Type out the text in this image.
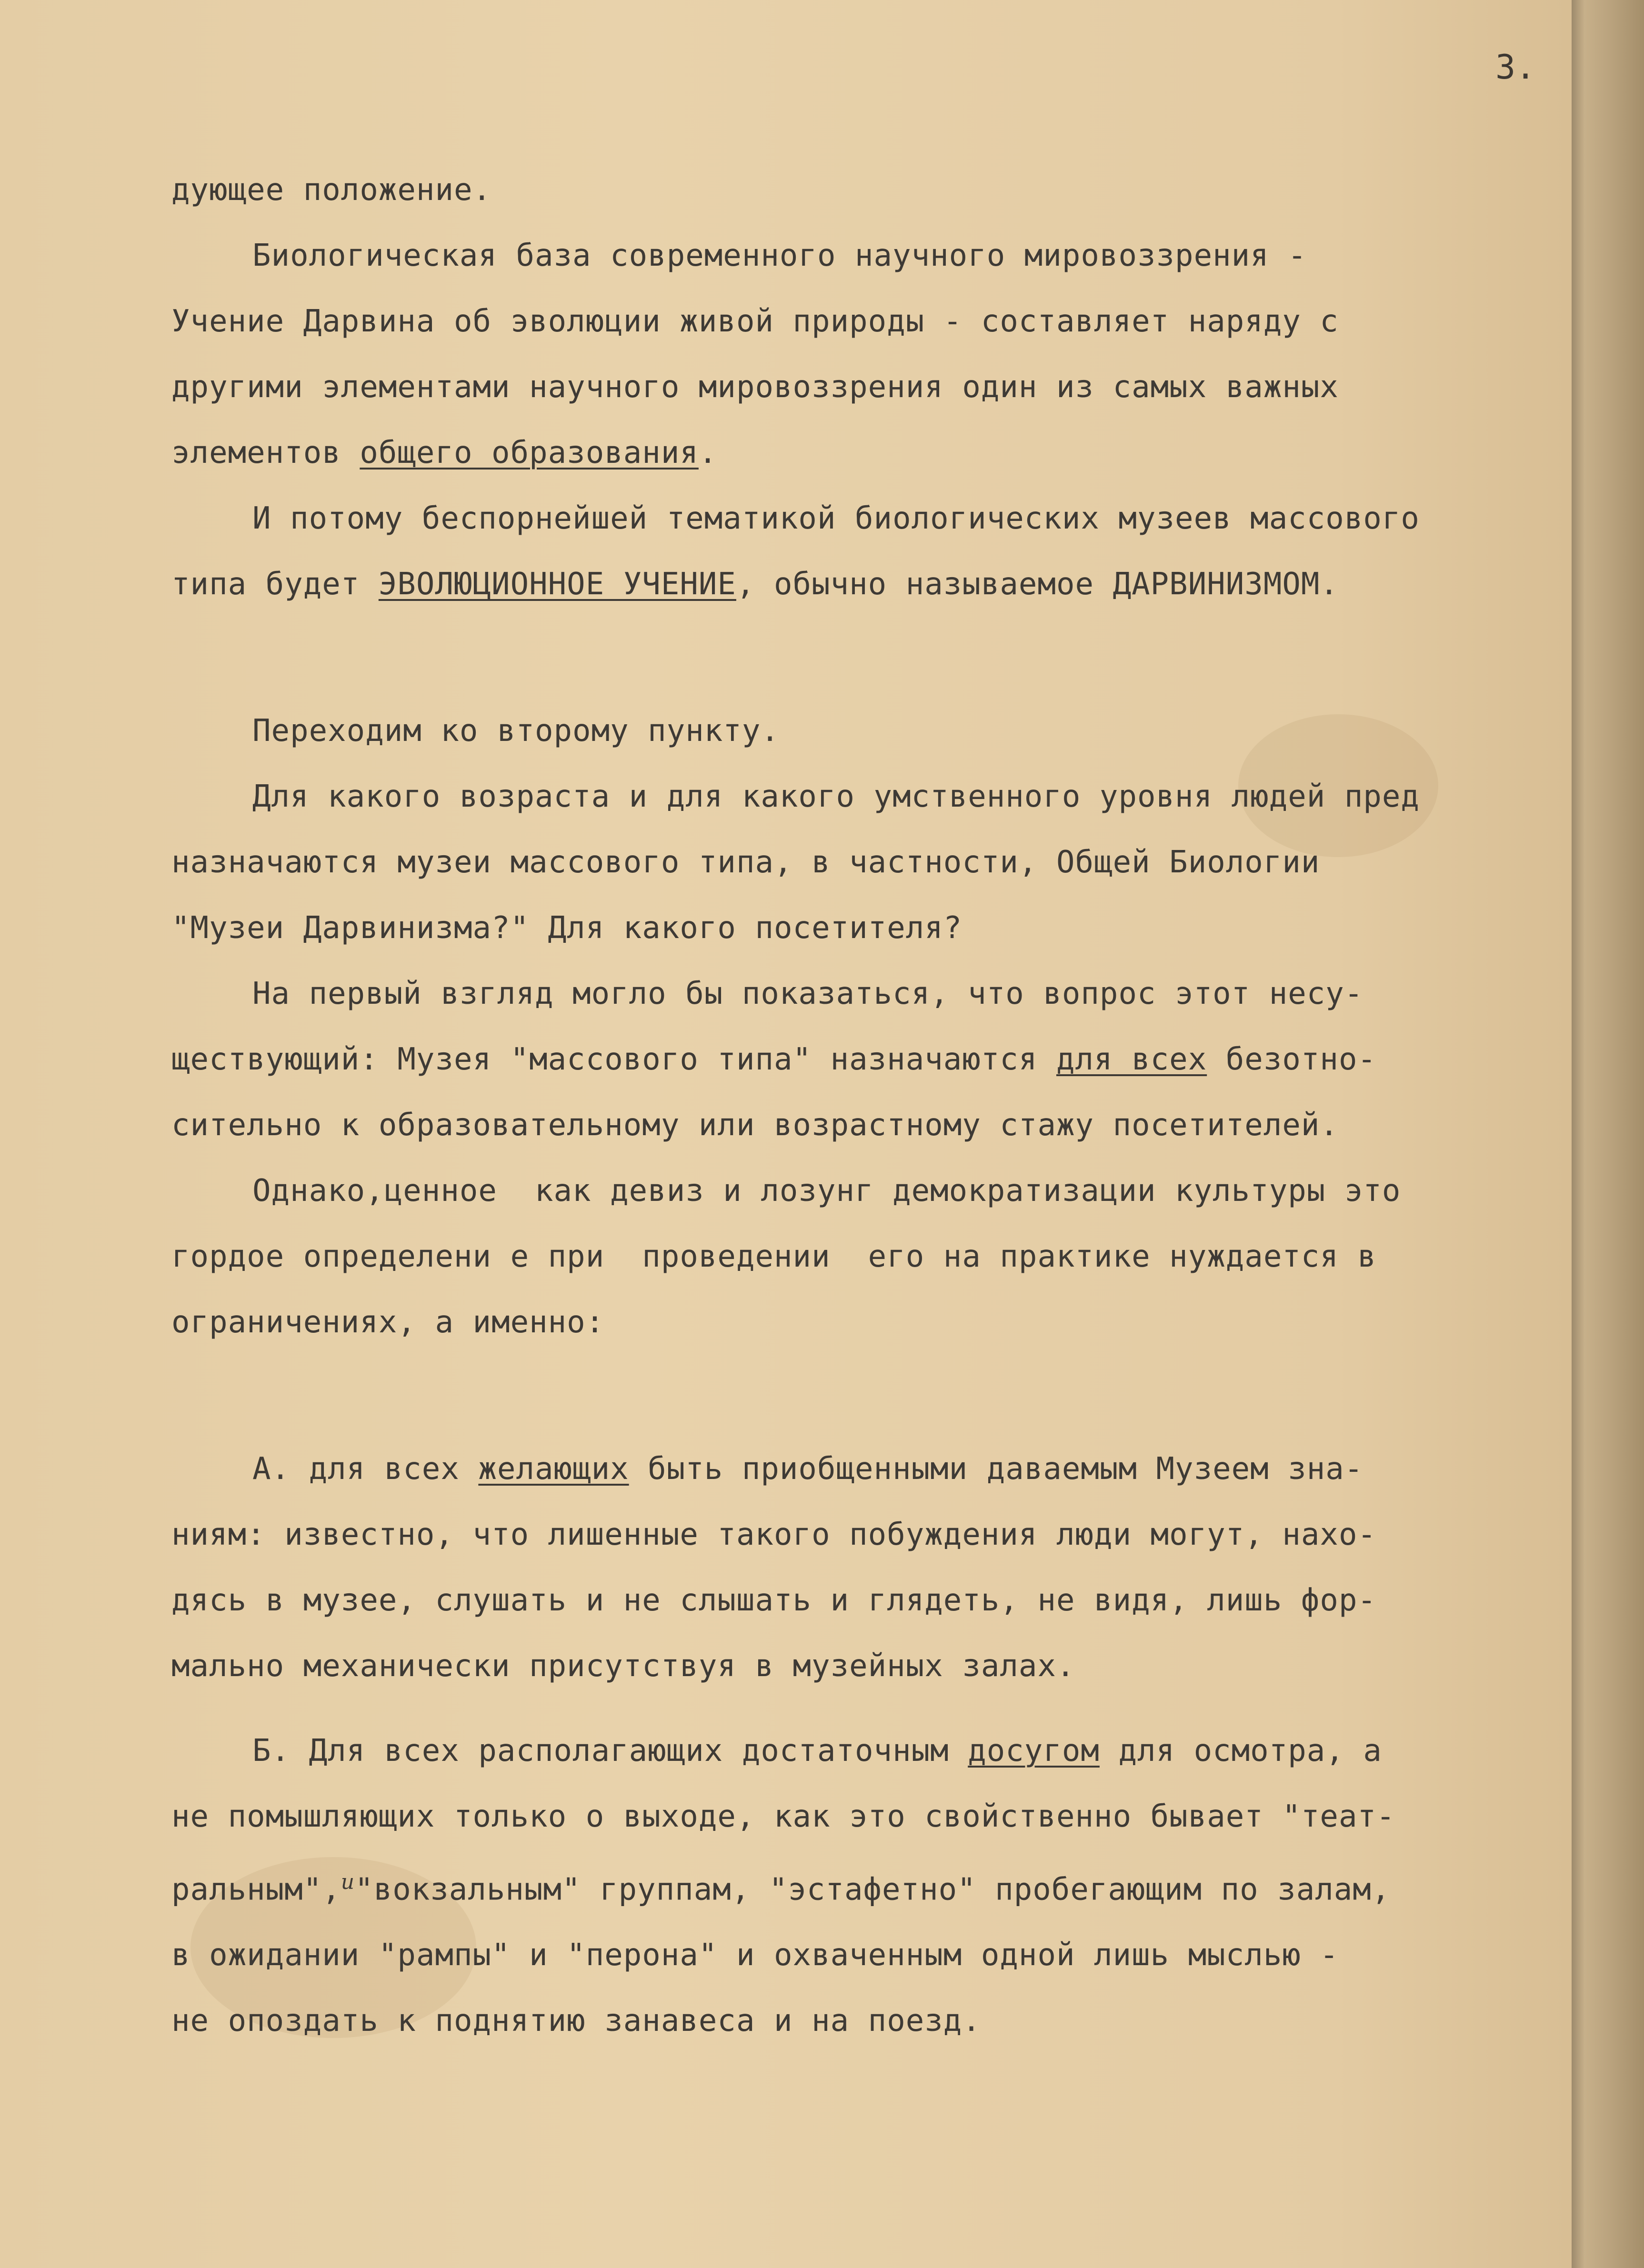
3.
дующее положение.
Биологическая база современного научного мировоззрения -
Учение Дарвина об эволюции живой природы - составляет наряду с
другими элементами научного мировоззрения один из самых важных
элементов общего образования.
И потому беспорнейшей тематикой биологических музеев массового
типа будет ЭВОЛЮЦИОННОЕ УЧЕНИЕ, обычно называемое ДАРВИНИЗМОМ.
Переходим ко второму пункту.
Для какого возраста и для какого умственного уровня людей пред
назначаются музеи массового типа, в частности, Общей Биологии
"Музеи Дарвинизма?" Для какого посетителя?
На первый взгляд могло бы показаться, что вопрос этот несу-
ществующий: Музея "массового типа" назначаются для всех безотно-
сительно к образовательному или возрастному стажу посетителей.
Однако,ценное  как девиз и лозунг демократизации культуры это
гордое определени е при  проведении  его на практике нуждается в
ограничениях, а именно:
А. для всех желающих быть приобщенными даваемым Музеем зна-
ниям: известно, что лишенные такого побуждения люди могут, нахо-
дясь в музее, слушать и не слышать и глядеть, не видя, лишь фор-
мально механически присутствуя в музейных залах.
Б. Для всех располагающих достаточным досугом для осмотра, а
не помышляющих только о выходе, как это свойственно бывает "теат-
ральным",$^и$"вокзальным" группам, "эстафетно" пробегающим по залам,
в ожидании "рампы" и "перона" и охваченным одной лишь мыслью -
не опоздать к поднятию занавеса и на поезд.
